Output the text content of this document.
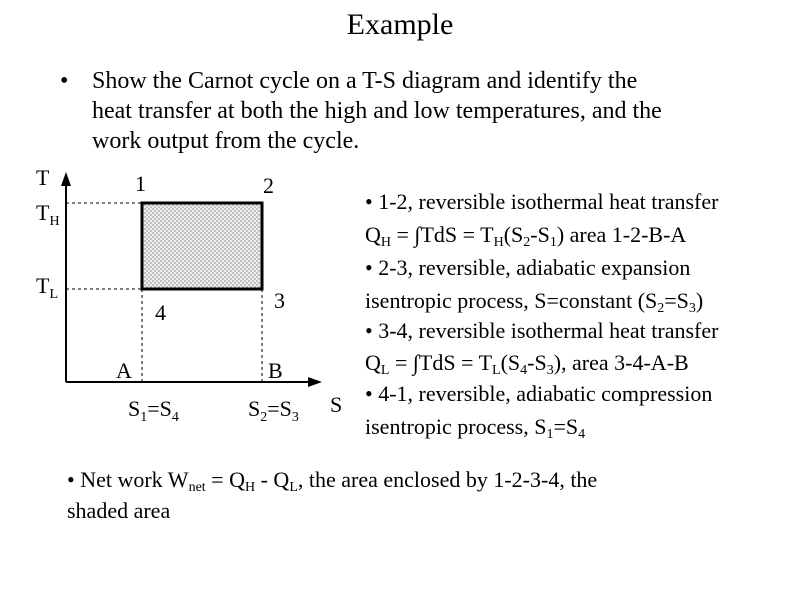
Example
• Show the Carnot cycle on a T-S diagram and identify the
heat transfer at both the high and low temperatures, and the
work output from the cycle.
T
S
1	2
3
4
A	B
$T_H$
$T_L$
$S_1=S_4$	$S_2=S_3$
• 1-2, reversible isothermal heat transfer
$Q_H = \int TdS = T_H(S_2-S_1)$ area 1-2-B-A
• 2-3, reversible, adiabatic expansion
isentropic process, S=constant $(S_2=S_3)$
• 3-4, reversible isothermal heat transfer
$Q_L = \int TdS = T_L(S_4-S_3)$, area 3-4-A-B
• 4-1, reversible, adiabatic compression
isentropic process, $S_1=S_4$
• Net work $W_{net} = Q_H - Q_L$, the area enclosed by 1-2-3-4, the
shaded area
